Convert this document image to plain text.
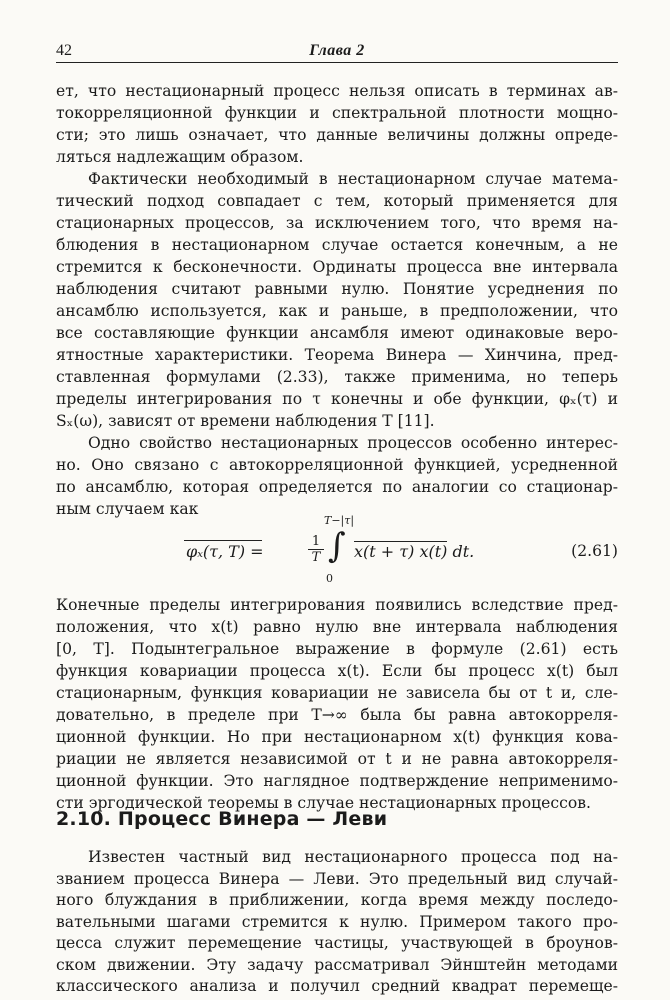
42	Глава 2
ет, что нестационарный процесс нельзя описать в терминах ав-
токорреляционной функции и спектральной плотности мощно-
сти; это лишь означает, что данные величины должны опреде-
ляться надлежащим образом.
Фактически необходимый в нестационарном случае матема-
тический подход совпадает с тем, который применяется для
стационарных процессов, за исключением того, что время на-
блюдения в нестационарном случае остается конечным, а не
стремится к бесконечности. Ординаты процесса вне интервала
наблюдения считают равными нулю. Понятие усреднения по
ансамблю используется, как и раньше, в предположении, что
все составляющие функции ансамбля имеют одинаковые веро-
ятностные характеристики. Теорема Винера — Хинчина, пред-
ставленная формулами (2.33), также применима, но теперь
пределы интегрирования по τ конечны и обе функции, φₓ(τ) и
Sₓ(ω), зависят от времени наблюдения T [11].
Одно свойство нестационарных процессов особенно интерес-
но. Оно связано с автокорреляционной функцией, усредненной
φₓ(τ, T) =	$\frac{1}{T}$
T−|τ|
∫
0
x(t + τ) x(t) dt.	(2.61)
Конечные пределы интегрирования появились вследствие пред-
положения, что x(t) равно нулю вне интервала наблюдения
[0, T]. Подынтегральное выражение в формуле (2.61) есть
функция ковариации процесса x(t). Если бы процесс x(t) был
стационарным, функция ковариации не зависела бы от t и, сле-
довательно, в пределе при T→∞ была бы равна автокорреля-
ционной функции. Но при нестационарном x(t) функция кова-
риации не является независимой от t и не равна автокорреля-
ционной функции. Это наглядное подтверждение неприменимо-
сти эргодической теоремы в случае нестационарных процессов.
2.10. Процесс Винера — Леви
Известен частный вид нестационарного процесса под на-
званием процесса Винера — Леви. Это предельный вид случай-
ного блуждания в приближении, когда время между последо-
вательными шагами стремится к нулю. Примером такого про-
цесса служит перемещение частицы, участвующей в броунов-
ском движении. Эту задачу рассматривал Эйнштейн методами
классического анализа и получил средний квадрат перемеще-
по ансамблю, которая определяется по аналогии со стационар-
ным случаем как
